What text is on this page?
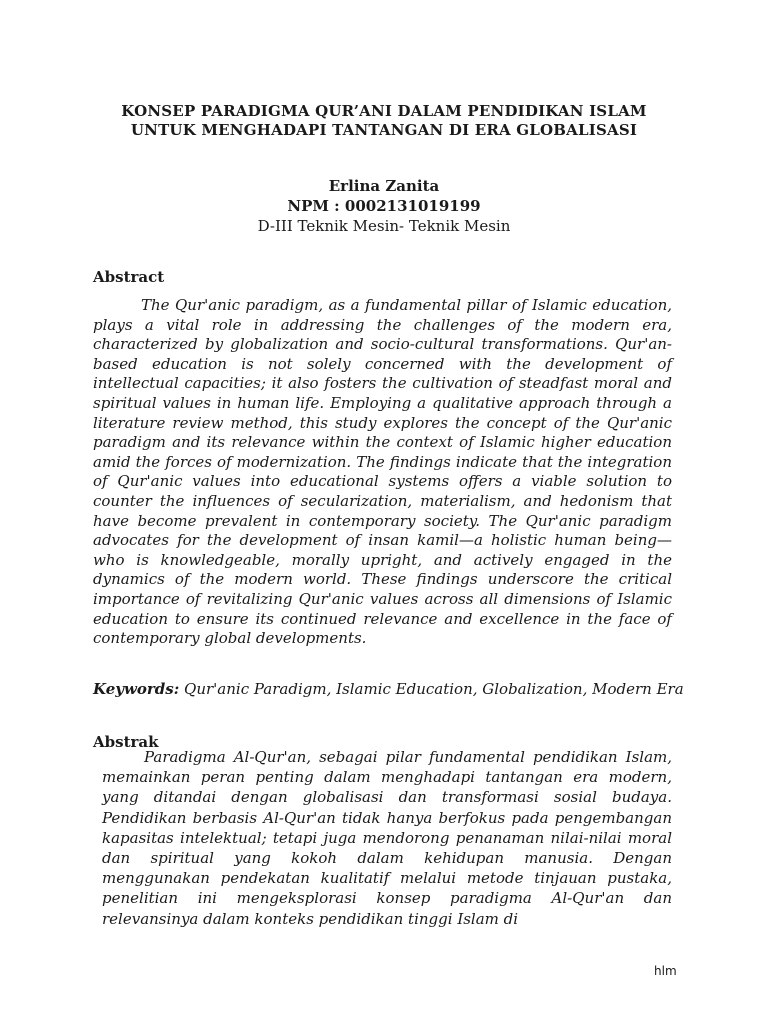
KONSEP PARADIGMA QUR’ANI DALAM PENDIDIKAN ISLAM
UNTUK MENGHADAPI TANTANGAN DI ERA GLOBALISASI
Erlina Zanita
NPM : 0002131019199
D-III Teknik Mesin- Teknik Mesin
Abstract

The Qur'anic paradigm, as a fundamental pillar of Islamic education, plays a vital role in addressing the challenges of the modern era, characterized by globalization and socio-cultural transformations. Qur'an-based education is not solely concerned with the development of intellectual capacities; it also fosters the cultivation of steadfast moral and spiritual values in human life. Employing a qualitative approach through a literature review method, this study explores the concept of the Qur'anic paradigm and its relevance within the context of Islamic higher education amid the forces of modernization. The findings indicate that the integration of Qur'anic values into educational systems offers a viable solution to counter the influences of secularization, materialism, and hedonism that have become prevalent in contemporary society. The Qur'anic paradigm advocates for the development of insan kamil—a holistic human being—who is knowledgeable, morally upright, and actively engaged in the dynamics of the modern world. These findings underscore the critical importance of revitalizing Qur'anic values across all dimensions of Islamic education to ensure its continued relevance and excellence in the face of contemporary global developments.

Keywords: Qur'anic Paradigm, Islamic Education, Globalization, Modern Era

Abstrak

Paradigma Al-Qur'an, sebagai pilar fundamental pendidikan Islam, memainkan peran penting dalam menghadapi tantangan era modern, yang ditandai dengan globalisasi dan transformasi sosial budaya. Pendidikan berbasis Al-Qur'an tidak hanya berfokus pada pengembangan kapasitas intelektual; tetapi juga mendorong penanaman nilai-nilai moral dan spiritual yang kokoh dalam kehidupan manusia. Dengan menggunakan pendekatan kualitatif melalui metode tinjauan pustaka, penelitian ini mengeksplorasi konsep paradigma Al-Qur'an dan relevansinya dalam konteks pendidikan tinggi Islam di

hlm
